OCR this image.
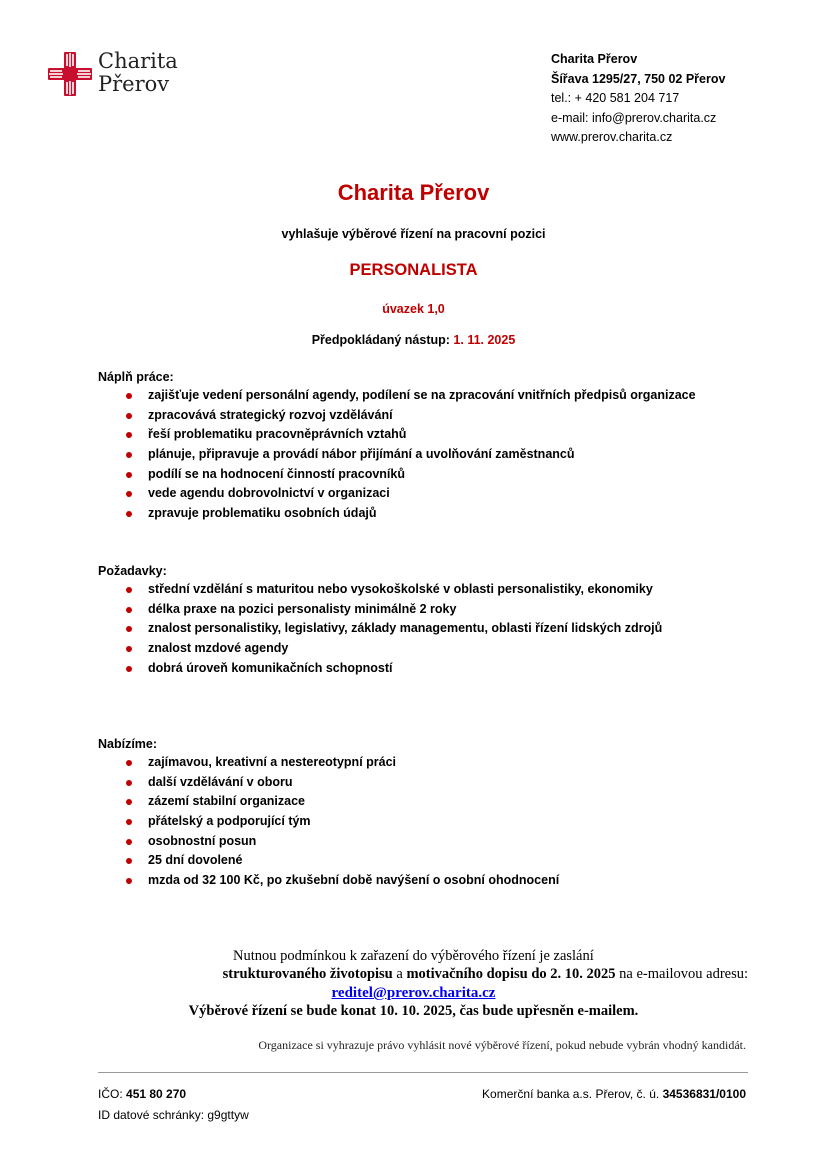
Charita
Přerov
Charita Přerov
Šířava 1295/27, 750 02 Přerov
tel.: + 420 581 204 717
e-mail: info@prerov.charita.cz
www.prerov.charita.cz
Charita Přerov
vyhlašuje výběrové řízení na pracovní pozici
PERSONALISTA
úvazek 1,0
Předpokládaný nástup: 1. 11. 2025
Náplň práce:
zajišťuje vedení personální agendy, podílení se na zpracování vnitřních předpisů organizace
zpracovává strategický rozvoj vzdělávání
řeší problematiku pracovněprávních vztahů
plánuje, připravuje a provádí nábor přijímání a uvolňování zaměstnanců
podílí se na hodnocení činností pracovníků
vede agendu dobrovolnictví v organizaci
zpravuje problematiku osobních údajů
Požadavky:
střední vzdělání s maturitou nebo vysokoškolské v oblasti personalistiky, ekonomiky
délka praxe na pozici personalisty minimálně 2 roky
znalost personalistiky, legislativy, základy managementu, oblasti řízení lidských zdrojů
znalost mzdové agendy
dobrá úroveň komunikačních schopností
Nabízíme:
zajímavou, kreativní a nestereotypní práci
další vzdělávání v oboru
zázemí stabilní organizace
přátelský a podporující tým
osobnostní posun
25 dní dovolené
mzda od 32 100 Kč, po zkušební době navýšení o osobní ohodnocení
Nutnou podmínkou k zařazení do výběrového řízení je zaslání
strukturovaného životopisu a motivačního dopisu do 2. 10. 2025 na e-mailovou adresu:
reditel@prerov.charita.cz
Výběrové řízení se bude konat 10. 10. 2025, čas bude upřesněn e-mailem.
Organizace si vyhrazuje právo vyhlásit nové výběrové řízení, pokud nebude vybrán vhodný kandidát.
IČO: 451 80 270
ID datové schránky: g9gttyw
Komerční banka a.s. Přerov, č. ú. 34536831/0100
